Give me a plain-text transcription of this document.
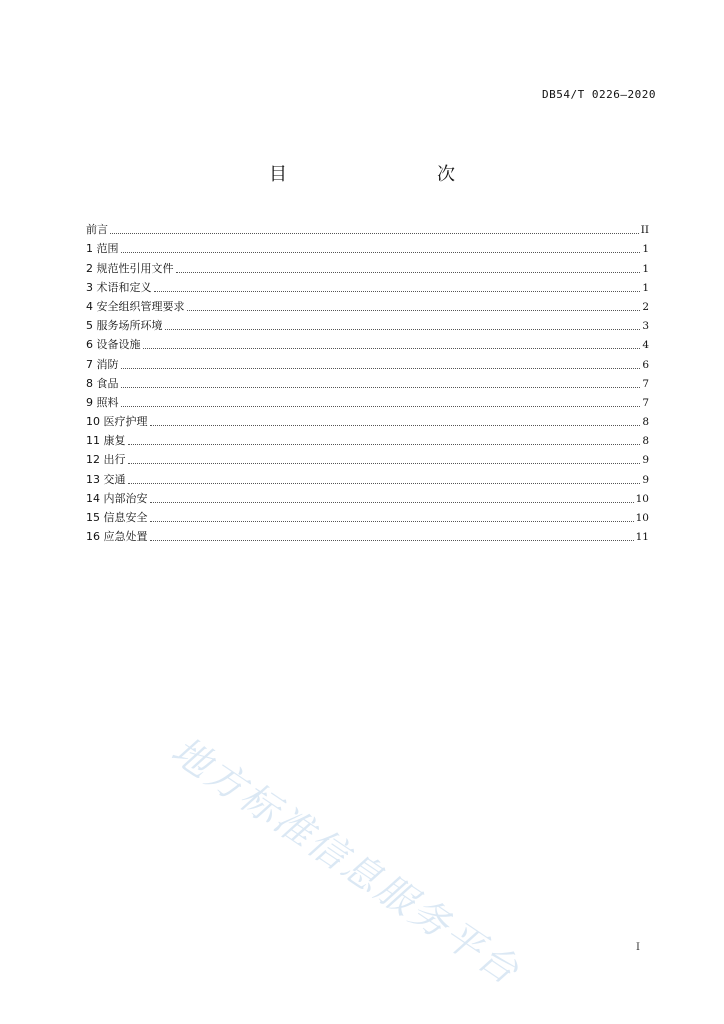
DB54/T 0226—2020
目　　次
前言	II
1 范围	1
2 规范性引用文件	1
3 术语和定义	1
4 安全组织管理要求	2
5 服务场所环境	3
6 设备设施	4
7 消防	6
8 食品	7
9 照料	7
10 医疗护理	8
11 康复	8
12 出行	9
13 交通	9
14 内部治安	10
15 信息安全	10
16 应急处置	11
地方标准信息服务平台	I
